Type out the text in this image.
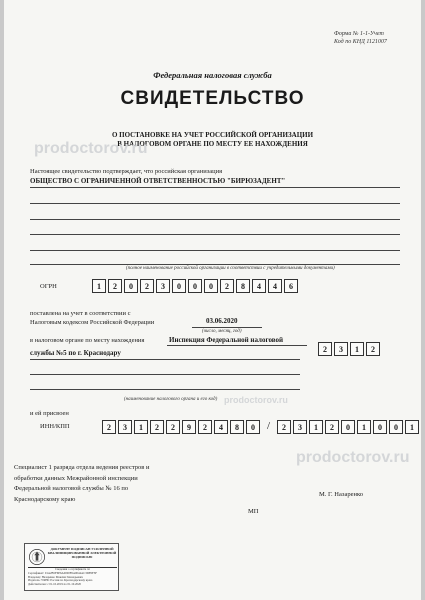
Форма № 1-1-Учет
Код по КНД 1121007
Федеральная налоговая служба
СВИДЕТЕЛЬСТВО
О ПОСТАНОВКЕ НА УЧЕТ РОССИЙСКОЙ ОРГАНИЗАЦИИ
В НАЛОГОВОМ ОРГАНЕ ПО МЕСТУ ЕЕ НАХОЖДЕНИЯ
prodoctorov.ru
Настоящее свидетельство подтверждает, что российская организация
ОБЩЕСТВО С ОГРАНИЧЕННОЙ ОТВЕТСТВЕННОСТЬЮ "БИРЮЗАДЕНТ"
(полное наименование российской организации в соответствии с учредительными документами)
ОГРН	1	2	0	2	3	0	0	0	2	8	4	4	6
поставлена на учет в соответствии с
Налоговым кодексом Российской Федерации	03.06.2020
(число, месяц, год)
в налоговом органе по месту нахождения	Инспекция Федеральной налоговой
службы №5 по г. Краснодару	2	3	1	2
(наименование налогового органа и его код) prodoctorov.ru
и ей присвоен
ИНН/КПП	2	3	1	2	2	9	2	4	8	0	/	2	3	1	2	0	1	0	0	1
prodoctorov.ru
Специалист 1 разряда отдела ведения реестров и
обработки данных Межрайонной инспекции
Федеральной налоговой службы № 16 по
Краснодарскому краю
М. Г. Назаренко
МП
ДОКУМЕНТ ПОДПИСАН УСИЛЕННОЙ КВАЛИФИЦИРОВАННОЙ ЭЛЕКТРОННОЙ ПОДПИСЬЮ
Сведения о сертификате эп
Сертификат: 01A2B5F6E6A0000F6A0044AC3DF6F3F
Владелец: Назаренко Максим Геннадьевич
Издатель: УФНС России по Краснодарскому краю
Действителен: с 01.10.2019 по 01.10.2020
